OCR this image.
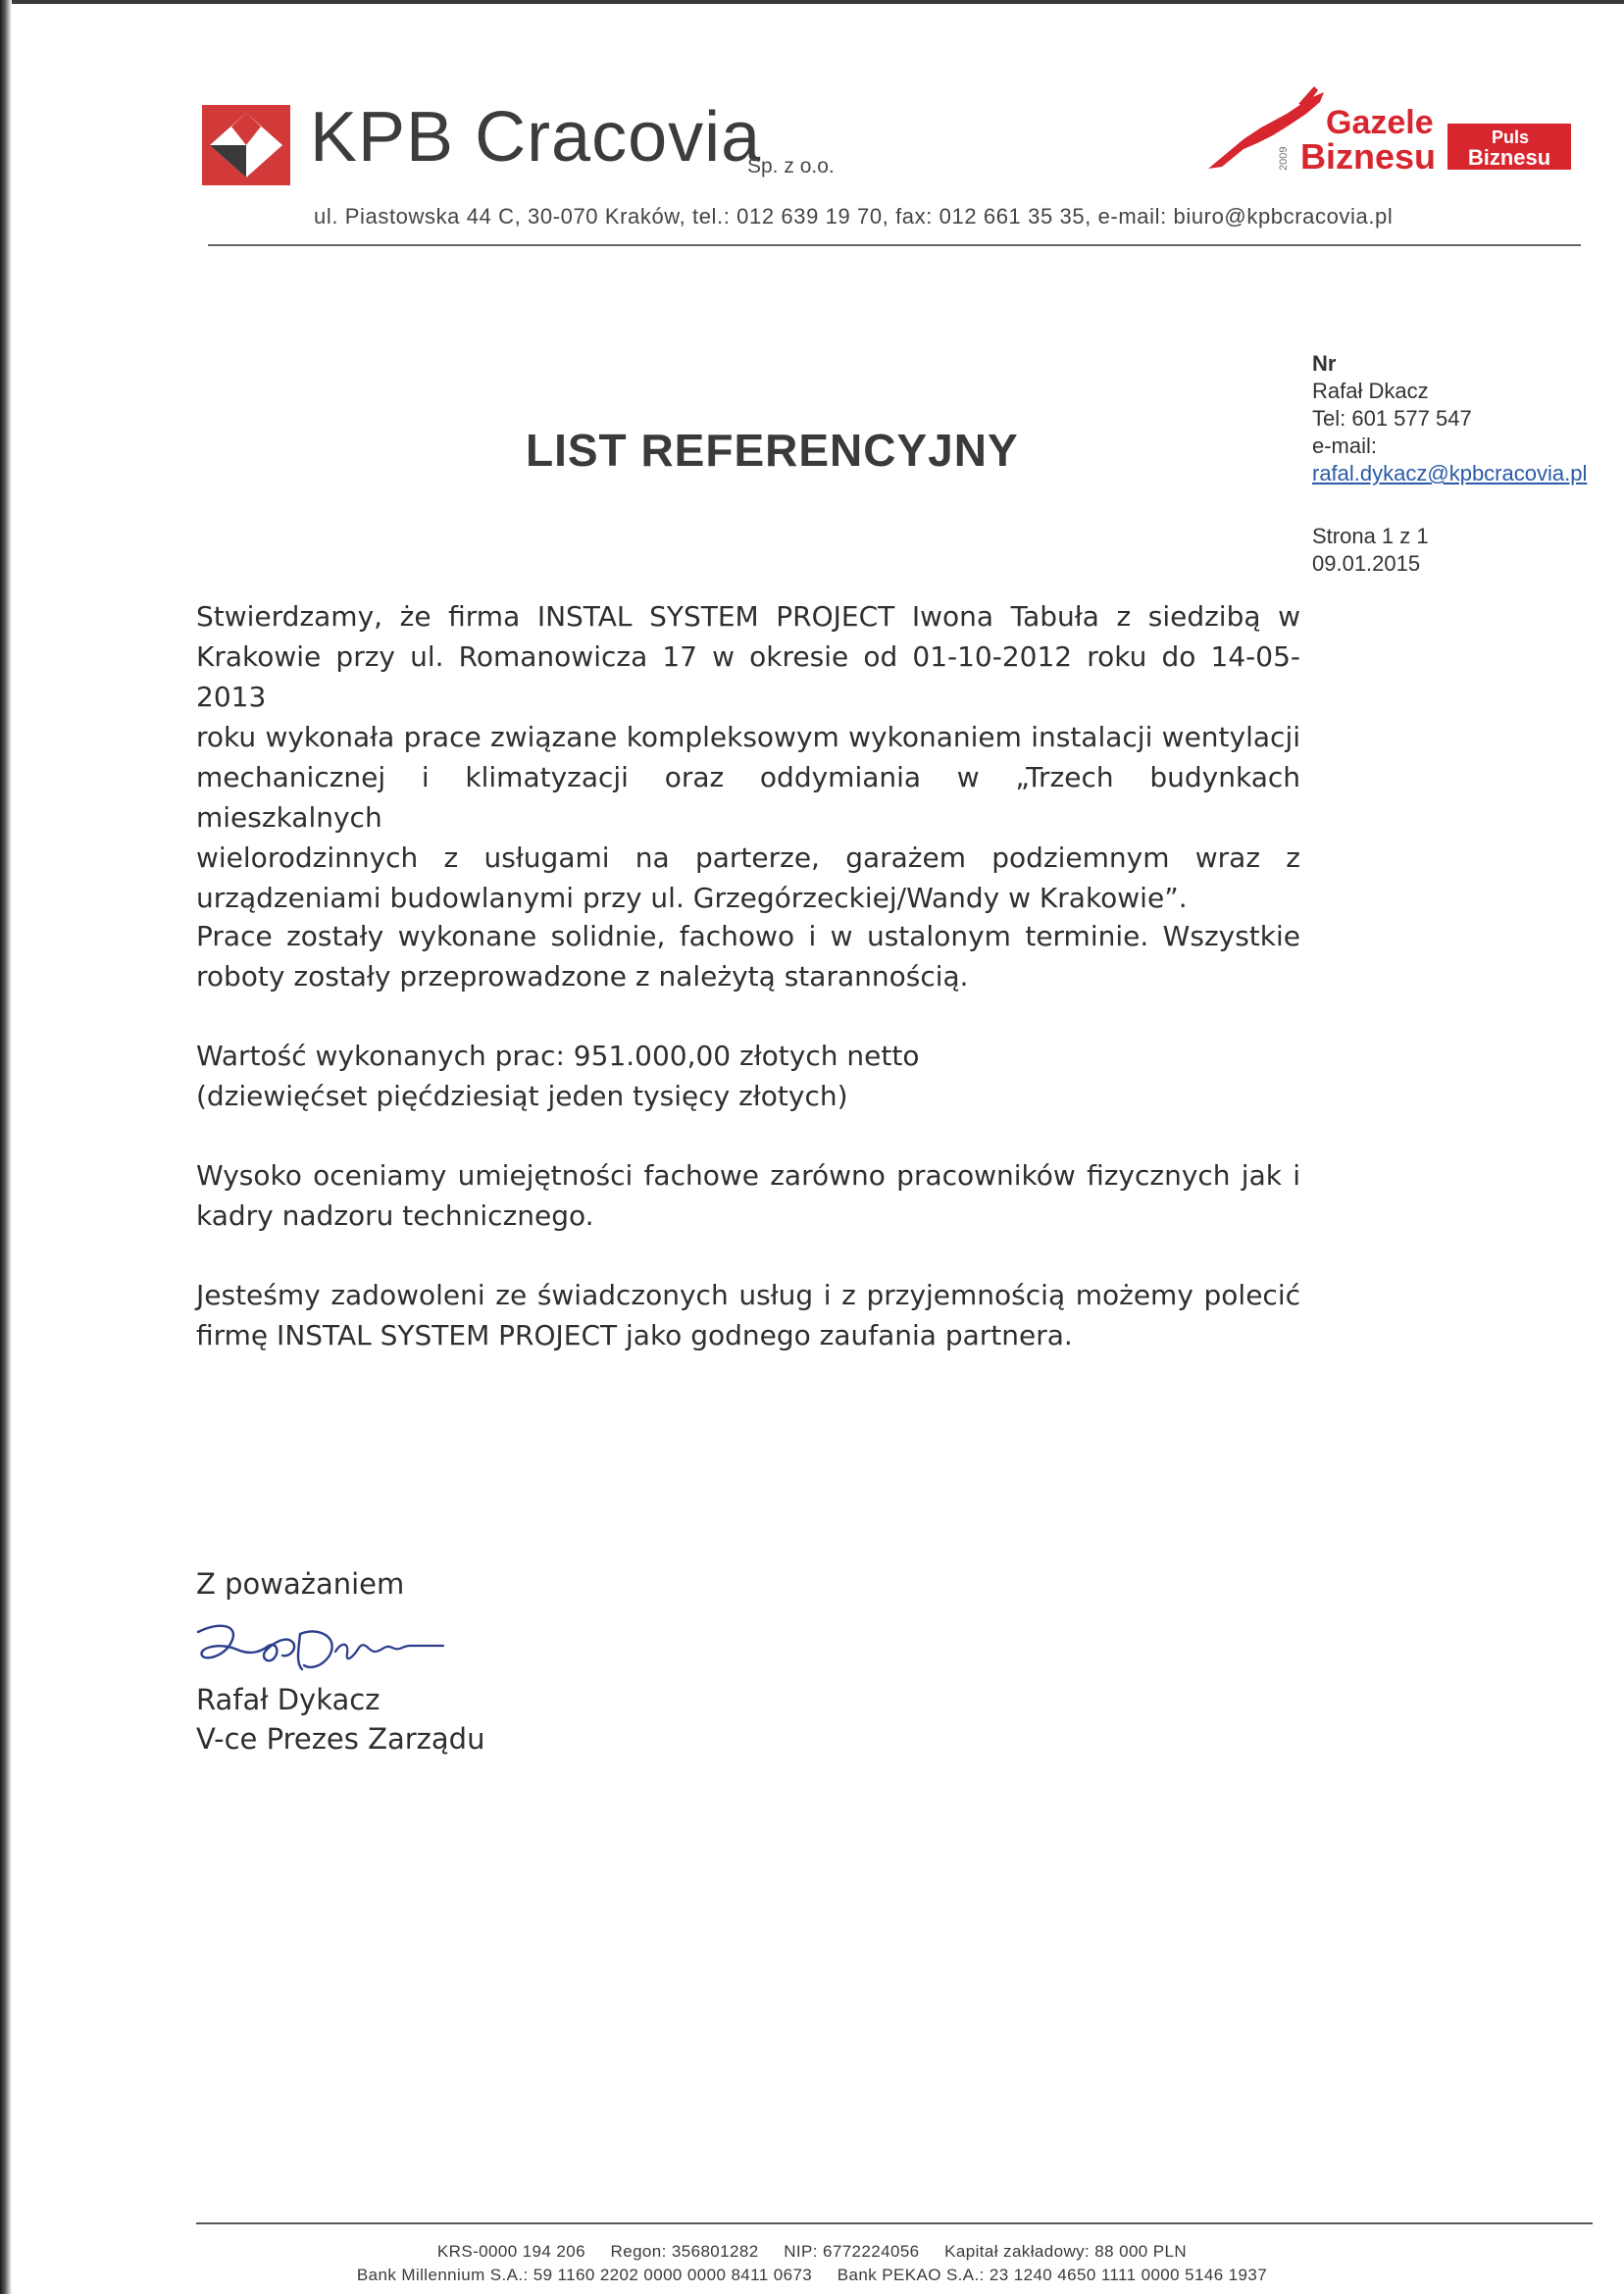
KPB Cracovia
Sp. z o.o.
ul. Piastowska 44 C, 30-070 Kraków, tel.: 012 639 19 70, fax: 012 661 35 35, e-mail: biuro@kpbcracovia.pl
2009
Gazele
Biznesu	Puls
Biznesu
Nr
Rafał Dkacz
Tel: 601 577 547
e-mail:
rafal.dykacz@kpbcracovia.pl
Strona 1 z 1
09.01.2015
LIST REFERENCYJNY
Stwierdzamy, że firma INSTAL SYSTEM PROJECT Iwona Tabuła z siedzibą w
Krakowie przy ul. Romanowicza 17 w okresie od 01-10-2012 roku do 14-05-2013
roku wykonała prace związane kompleksowym wykonaniem instalacji wentylacji
mechanicznej i klimatyzacji oraz oddymiania w „Trzech budynkach mieszkalnych
wielorodzinnych z usługami na parterze, garażem podziemnym wraz z
urządzeniami budowlanymi przy ul. Grzegórzeckiej/Wandy w Krakowie”.
Prace zostały wykonane solidnie, fachowo i w ustalonym terminie. Wszystkie
roboty zostały przeprowadzone z należytą starannością.
Wartość wykonanych prac: 951.000,00 złotych netto
(dziewięćset pięćdziesiąt jeden tysięcy złotych)
Wysoko oceniamy umiejętności fachowe zarówno pracowników fizycznych jak i
kadry nadzoru technicznego.
Jesteśmy zadowoleni ze świadczonych usług i z przyjemnością możemy polecić
firmę INSTAL SYSTEM PROJECT jako godnego zaufania partnera.
Z poważaniem
Rafał Dykacz
V-ce Prezes Zarządu
KRS-0000 194 206     Regon: 356801282     NIP: 6772224056     Kapitał zakładowy: 88 000 PLN
Bank Millennium S.A.: 59 1160 2202 0000 0000 8411 0673     Bank PEKAO S.A.: 23 1240 4650 1111 0000 5146 1937
